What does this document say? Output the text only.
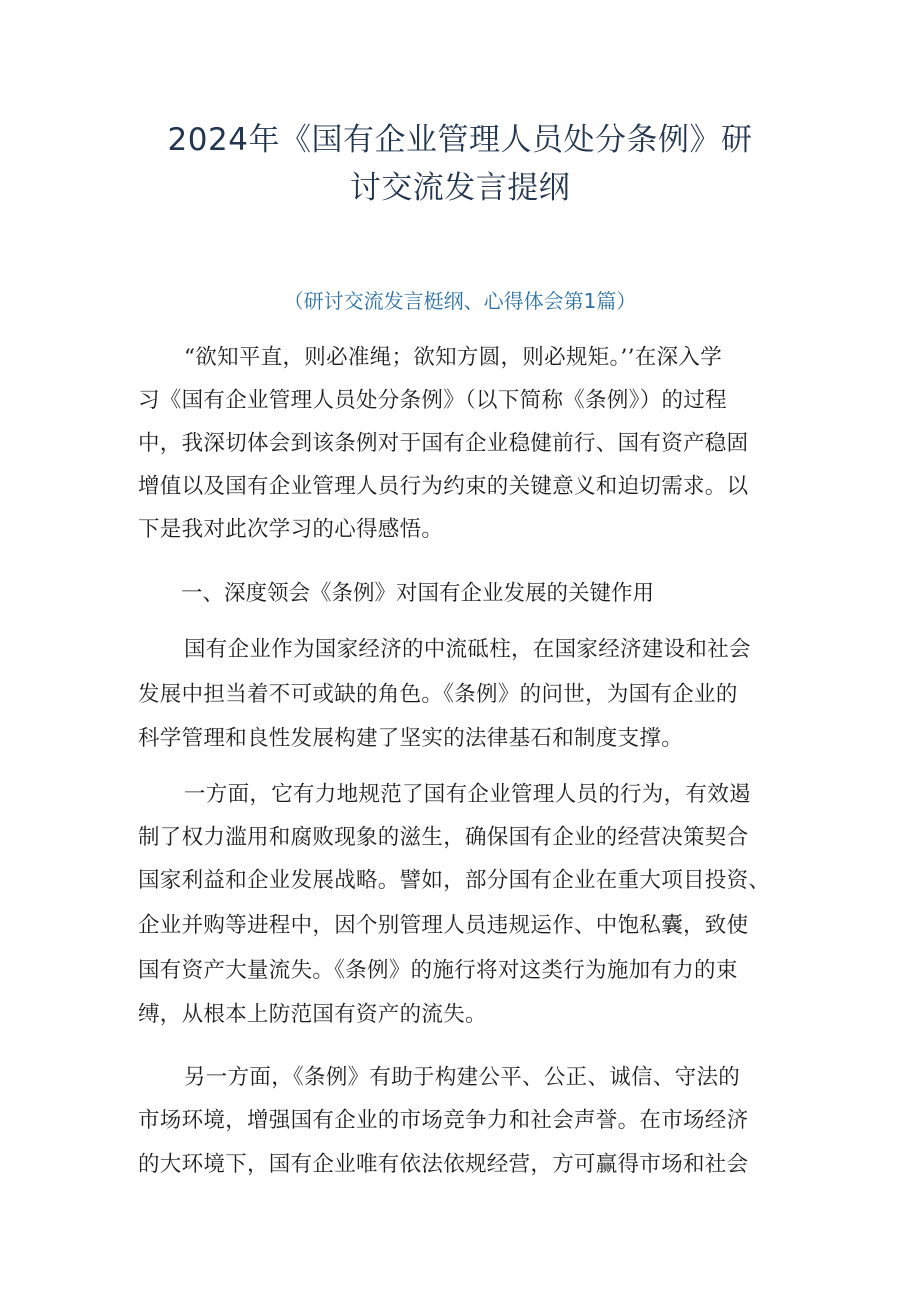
2024年《国有企业管理人员处分条例》研
讨交流发言提纲
（研讨交流发言梃纲、心得体会第1篇）
“欲知平直，则必准绳；欲知方圆，则必规矩。’’在深入学
习《国有企业管理人员处分条例》（以下简称《条例》）的过程
中，我深切体会到该条例对于国有企业稳健前行、国有资产稳固
增值以及国有企业管理人员行为约束的关键意义和迫切需求。以
下是我对此次学习的心得感悟。
一、深度领会《条例》对国有企业发展的关键作用
国有企业作为国家经济的中流砥柱，在国家经济建设和社会
发展中担当着不可或缺的角色。《条例》的问世，为国有企业的
科学管理和良性发展构建了坚实的法律基石和制度支撑。
一方面，它有力地规范了国有企业管理人员的行为，有效遏
制了权力滥用和腐败现象的滋生，确保国有企业的经营决策契合
国家利益和企业发展战略。譬如，部分国有企业在重大项目投资、
企业并购等进程中，因个别管理人员违规运作、中饱私囊，致使
国有资产大量流失。《条例》的施行将对这类行为施加有力的束
缚，从根本上防范国有资产的流失。
另一方面，《条例》有助于构建公平、公正、诚信、守法的
市场环境，增强国有企业的市场竞争力和社会声誉。在市场经济
的大环境下，国有企业唯有依法依规经营，方可赢得市场和社会
